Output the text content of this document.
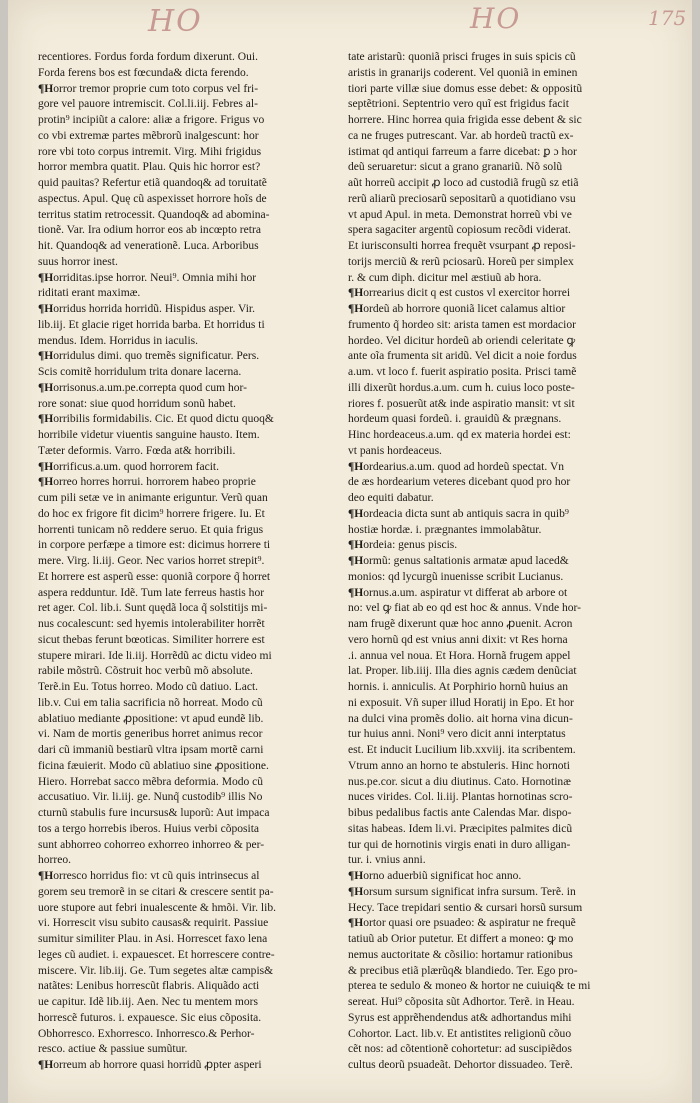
HO	HO	175
recentiores. Fordus forda fordum dixerunt. Oui.
Forda ferens bos est fœcunda& dicta ferendo.
¶Horror tremor proprie cum toto corpus vel fri-
gore vel pauore intremiscit. Col.li.iij. Febres al-
protin⁹ incipiũt a calore: aliæ a frigore. Frigus vo
co vbi extremæ partes mẽbrorũ inalgescunt: hor
rore vbi toto corpus intremit. Virg. Mihi frigidus
horror membra quatit. Plau. Quis hic horror est?
quid pauitas? Refertur etiã quandoq& ad toruitatẽ
aspectus. Apul. Quę cũ aspexisset horrore hoĩs de
territus statim retrocessit. Quandoq& ad abomina-
tionẽ. Var. Ira odium horror eos ab incœpto retra
hit. Quandoq& ad venerationẽ. Luca. Arboribus
suus horror inest.
¶Horriditas.ipse horror. Neui⁹. Omnia mihi hor
riditati erant maximæ.
¶Horridus horrida horridũ. Hispidus asper. Vir.
lib.iij. Et glacie riget horrida barba. Et horridus ti
mendus. Idem. Horridus in iaculis.
¶Horridulus dimi. quo tremẽs significatur. Pers.
Scis comitẽ horridulum trita donare lacerna.
¶Horrisonus.a.um.pe.correpta quod cum hor-
rore sonat: siue quod horridum sonũ habet.
¶Horribilis formidabilis. Cic. Et quod dictu quoq&
horribile videtur viuentis sanguine hausto. Item.
Tæter deformis. Varro. Fœda at& horribili.
¶Horrificus.a.um. quod horrorem facit.
¶Horreo horres horrui. horrorem habeo proprie
cum pili setæ ve in animante eriguntur. Verũ quan
do hoc ex frigore fit dicim⁹ horrere frigere. Iu. Et
horrenti tunicam nõ reddere seruo. Et quia frigus
in corpore perfæpe a timore est: dicimus horrere ti
mere. Virg. li.iij. Geor. Nec varios horret strepit⁹.
Et horrere est asperũ esse: quoniã corpore q̃ horret
aspera redduntur. Idẽ. Tum late ferreus hastis hor
ret ager. Col. lib.i. Sunt quędã loca q̃ solstitijs mi-
nus cocalescunt: sed hyemis intolerabiliter horrẽt
sicut thebas ferunt bœoticas. Similiter horrere est
stupere mirari. Ide li.iij. Horrẽdũ ac dictu video mi
rabile mõstrũ. Cõstruit hoc verbũ mõ absolute.
Terẽ.in Eu. Totus horreo. Modo cũ datiuo. Lact.
lib.v. Cui em talia sacrificia nõ horreat. Modo cũ
ablatiuo mediante ꝓpositione: vt apud eundẽ lib.
vi. Nam de mortis generibus horret animus recor
dari cũ immaniũ bestiarũ vltra ipsam mortẽ carni
ficina fæuierit. Modo cũ ablatiuo sine ꝓpositione.
Hiero. Horrebat sacco mẽbra deformia. Modo cũ
accusatiuo. Vir. li.iij. ge. Nunq̃ custodib⁹ illis No
cturnũ stabulis fure incursus& luporũ: Aut impaca
tos a tergo horrebis iberos. Huius verbi cõposita
sunt abhorreo cohorreo exhorreo inhorreo & per-
horreo.
¶Horresco horridus fio: vt cũ quis intrinsecus al
gorem seu tremorẽ in se citari & crescere sentit pa-
uore stupore aut febri inualescente & hmõi. Vir. lib.
vi. Horrescit visu subito causas& requirit. Passiue
sumitur similiter Plau. in Asi. Horrescet faxo lena
leges cũ audiet. i. expauescet. Et horrescere contre-
miscere. Vir. lib.iij. Ge. Tum segetes altæ campis&
natãtes: Lenibus horrescũt flabris. Aliquãdo acti
ue capitur. Idẽ lib.iij. Aen. Nec tu mentem mors
horrescẽ futuros. i. expauesce. Sic eius cõposita.
Obhorresco. Exhorresco. Inhorresco.& Perhor-
resco. actiue & passiue sumũtur.
¶Horreum ab horrore quasi horridũ ꝓpter asperi
tate aristarũ: quoniã prisci fruges in suis spicis cũ
aristis in granarijs coderent. Vel quoniã in eminen
tiori parte villæ siue domus esse debet: & oppositũ
septẽtrioni. Septentrio vero quĩ est frigidus facit
horrere. Hinc horrea quia frigida esse debent & sic
ca ne fruges putrescant. Var. ab hordeũ tractũ ex-
istimat qd antiqui farreum a farre dicebat: ꝑ ɔ hor
deũ seruaretur: sicut a grano granariũ. Nõ solũ
aũt horreũ accipit ꝓ loco ad custodiã frugũ sz etiã
rerũ aliarũ preciosarũ sepositarũ a quotidiano vsu
vt apud Apul. in meta. Demonstrat horreũ vbi ve
spera sagaciter argentũ copiosum recõdi viderat.
Et iurisconsulti horrea frequẽt vsurpant ꝓ reposi-
torijs merciũ & rerũ pciosarũ. Horeũ per simplex
r. & cum diph. dicitur mel æstiuũ ab hora.
¶Horrearius dicit q est custos vl exercitor horrei
¶Hordeũ ab horrore quoniã licet calamus altior
frumento q̃ hordeo sit: arista tamen est mordacior
hordeo. Vel dicitur hordeũ ab oriendi celeritate ꝙ
ante oĩa frumenta sit aridũ. Vel dicit a noie fordus
a.um. vt loco f. fuerit aspiratio posita. Prisci tamẽ
illi dixerũt hordus.a.um. cum h. cuius loco poste-
riores f. posuerũt at& inde aspiratio mansit: vt sit
hordeum quasi fordeũ. i. grauidũ & prægnans.
Hinc hordeaceus.a.um. qd ex materia hordei est:
vt panis hordeaceus.
¶Hordearius.a.um. quod ad hordeũ spectat. Vn
de æs hordearium veteres dicebant quod pro hor
deo equiti dabatur.
¶Hordeacia dicta sunt ab antiquis sacra in quib⁹
hostiæ hordæ. i. prægnantes immolabãtur.
¶Hordeia: genus piscis.
¶Hormũ: genus saltationis armatæ apud laced&
monios: qd lycurgũ inuenisse scribit Lucianus.
¶Hornus.a.um. aspiratur vt differat ab arbore ot
no: vel ꝙ fiat ab eo qd est hoc & annus. Vnde hor-
nam frugẽ dixerunt quæ hoc anno ꝓuenit. Acron
vero hornũ qd est vnius anni dixit: vt Res horna
.i. annua vel noua. Et Hora. Hornã frugem appel
lat. Proper. lib.iiij. Illa dies agnis cædem denũciat
hornis. i. anniculis. At Porphirio hornũ huius an
ni exposuit. Vñ super illud Horatij in Epo. Et hor
na dulci vina promẽs dolio. ait horna vina dicun-
tur huius anni. Noni⁹ vero dicit anni interptatus
est. Et inducit Lucilium lib.xxviij. ita scribentem.
Vtrum anno an horno te abstuleris. Hinc hornoti
nus.pe.cor. sicut a diu diutinus. Cato. Hornotinæ
nuces virides. Col. li.iij. Plantas hornotinas scro-
bibus pedalibus factis ante Calendas Mar. dispo-
sitas habeas. Idem li.vi. Præcipites palmites dicũ
tur qui de hornotinis virgis enati in duro alligan-
tur. i. vnius anni.
¶Horno aduerbiũ significat hoc anno.
¶Horsum sursum significat infra sursum. Terẽ. in
Hecy. Tace trepidari sentio & cursari horsũ sursum
¶Hortor quasi ore psuadeo: & aspiratur ne frequẽ
tatiuũ ab Orior putetur. Et differt a moneo: ꝙ mo
nemus auctoritate & cõsilio: hortamur rationibus
& precibus etiã plærũq& blandiedo. Ter. Ego pro-
pterea te sedulo & moneo & hortor ne cuiuiq& te mi
sereat. Hui⁹ cõposita sũt Adhortor. Terẽ. in Heau.
Syrus est apprẽhendendus at& adhortandus mihi
Cohortor. Lact. lib.v. Et antistites religionũ cõuo
cẽt nos: ad cõtentionẽ cohortetur: ad suscipiẽdos
cultus deorũ psuadeãt. Dehortor dissuadeo. Terẽ.
